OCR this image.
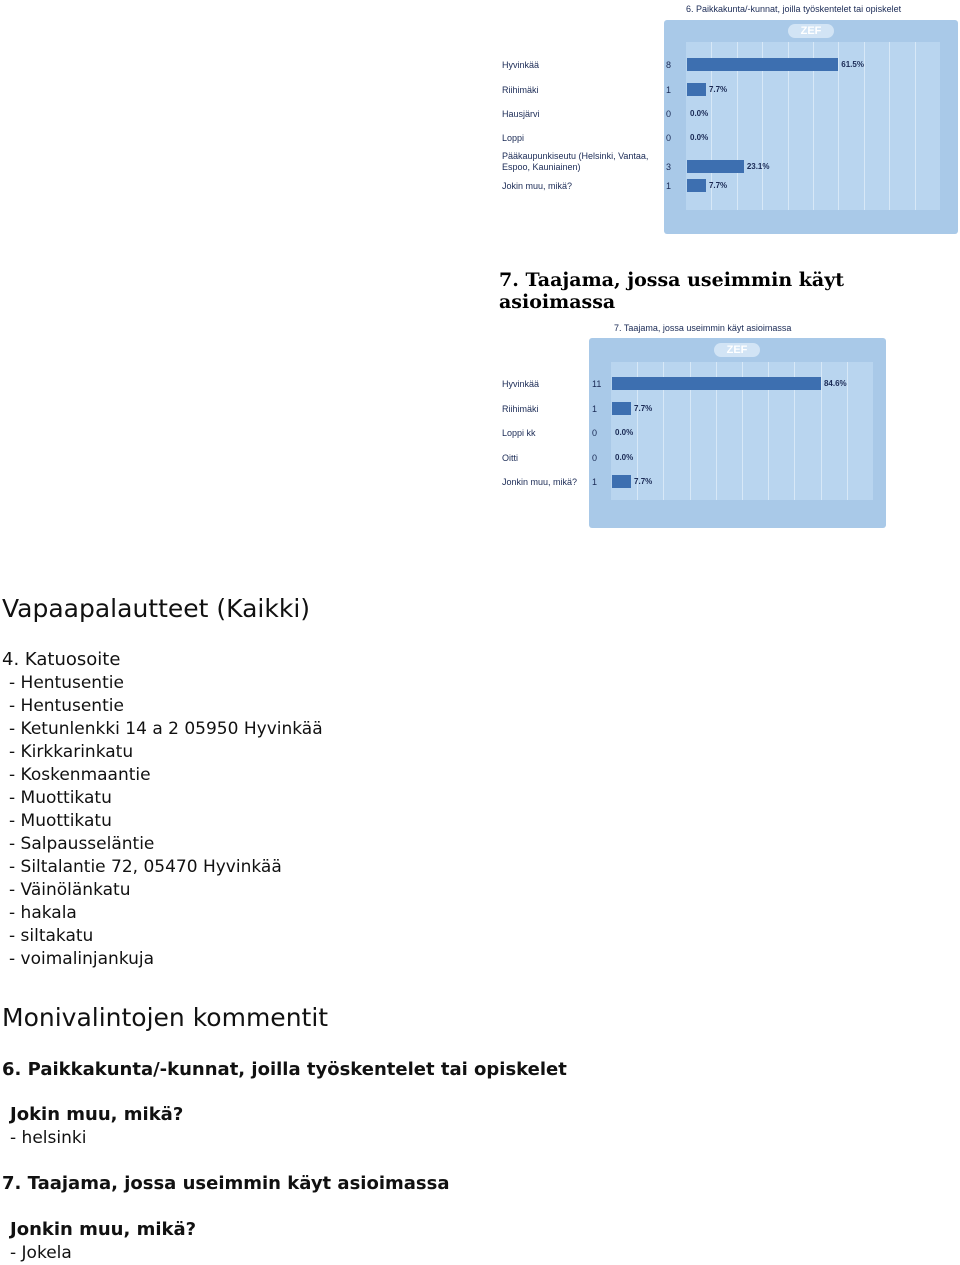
6. Paikkakunta/-kunnat, joilla työskentelet tai opiskelet
ZEF
Hyvinkää	8	61.5%
Riihimäki	1	7.7%
Hausjärvi	0 0.0%
Loppi	0 0.0%
Pääkaupunkiseutu (Helsinki, Vantaa,
Espoo, Kauniainen)	3	23.1%
Jokin muu, mikä?	1	7.7%
7. Taajama, jossa useimmin käyt asioimassa
7. Taajama, jossa useimmin käyt asioimassa
ZEF
Hyvinkää	11	84.6%
Riihimäki	1	7.7%
Loppi kk	0 0.0%
Oitti	0 0.0%
Jonkin muu, mikä? 1	7.7%
Vapaapalautteet (Kaikki)
4. Katuosoite
- Hentusentie
- Hentusentie
- Ketunlenkki 14 a 2 05950 Hyvinkää
- Kirkkarinkatu
- Koskenmaantie
- Muottikatu
- Muottikatu
- Salpausseläntie
- Siltalantie 72, 05470 Hyvinkää
- Väinölänkatu
- hakala
- siltakatu
- voimalinjankuja
Monivalintojen kommentit
6. Paikkakunta/-kunnat, joilla työskentelet tai opiskelet
Jokin muu, mikä?
- helsinki
7. Taajama, jossa useimmin käyt asioimassa
Jonkin muu, mikä?
- Jokela
